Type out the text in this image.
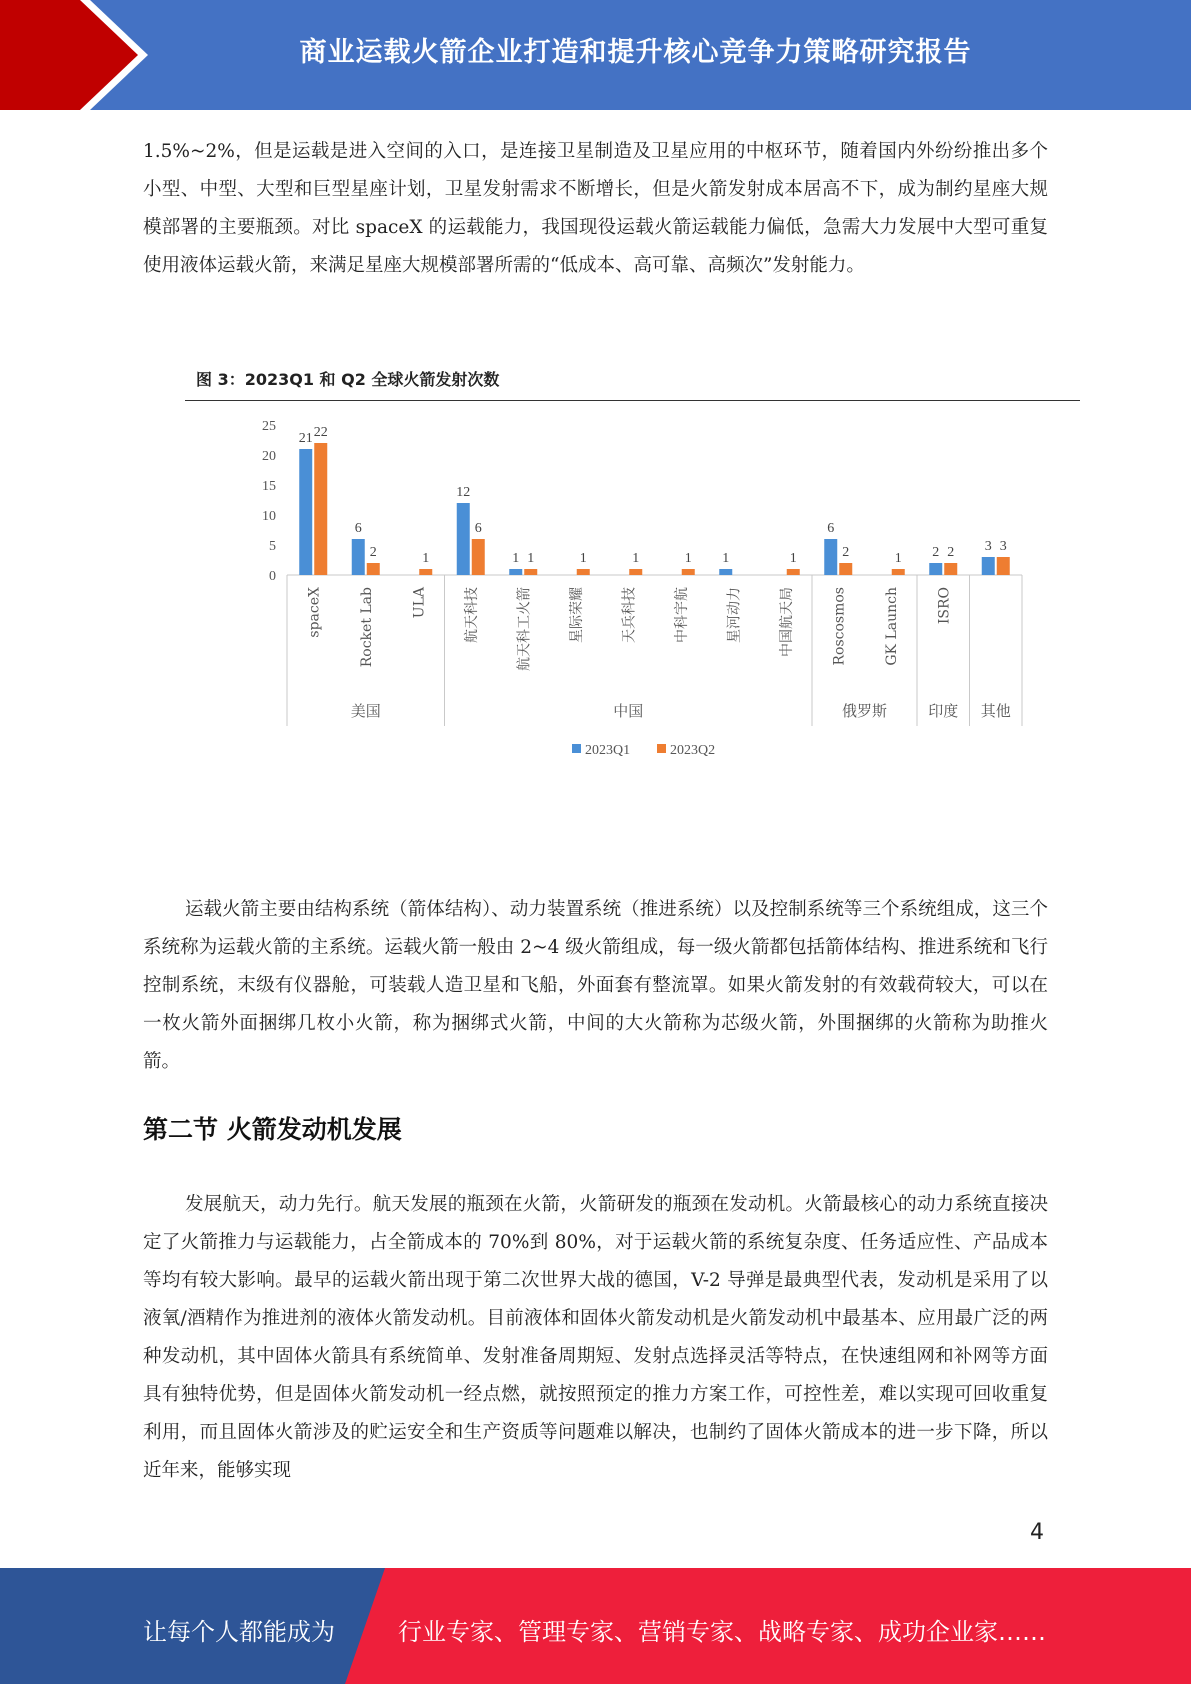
商业运载火箭企业打造和提升核心竞争力策略研究报告

1.5%~2%，但是运载是进入空间的入口，是连接卫星制造及卫星应用的中枢环节，随着国内外纷纷推出多个小型、中型、大型和巨型星座计划，卫星发射需求不断增长，但是火箭发射成本居高不下，成为制约星座大规模部署的主要瓶颈。对比 spaceX 的运载能力，我国现役运载火箭运载能力偏低，急需大力发展中大型可重复使用液体运载火箭，来满足星座大规模部署所需的“低成本、高可靠、高频次”发射能力。

图 3：2023Q1 和 Q2 全球火箭发射次数
0
5
10
15
20
25
21 22
spaceX
6
2
Rocket Lab
1
ULA
12
6
航天科技
1 1
航天科工火箭
1
星际荣耀
1
天兵科技
1
中科宇航
1
星河动力
1
中国航天局
6
2
Roscosmos
1
GK Launch
2 2
ISRO
3 3
美国	中国	俄罗斯	印度 其他
2023Q1	2023Q2

运载火箭主要由结构系统（箭体结构）、动力装置系统（推进系统）以及控制系统等三个系统组成，这三个系统称为运载火箭的主系统。运载火箭一般由 2~4 级火箭组成，每一级火箭都包括箭体结构、推进系统和飞行控制系统，末级有仪器舱，可装载人造卫星和飞船，外面套有整流罩。如果火箭发射的有效载荷较大，可以在一枚火箭外面捆绑几枚小火箭，称为捆绑式火箭，中间的大火箭称为芯级火箭，外围捆绑的火箭称为助推火箭。

第二节 火箭发动机发展

发展航天，动力先行。航天发展的瓶颈在火箭，火箭研发的瓶颈在发动机。火箭最核心的动力系统直接决定了火箭推力与运载能力，占全箭成本的 70%到 80%，对于运载火箭的系统复杂度、任务适应性、产品成本等均有较大影响。最早的运载火箭出现于第二次世界大战的德国，V-2 导弹是最典型代表，发动机是采用了以液氧/酒精作为推进剂的液体火箭发动机。目前液体和固体火箭发动机是火箭发动机中最基本、应用最广泛的两种发动机，其中固体火箭具有系统简单、发射准备周期短、发射点选择灵活等特点，在快速组网和补网等方面具有独特优势，但是固体火箭发动机一经点燃，就按照预定的推力方案工作，可控性差，难以实现可回收重复利用，而且固体火箭涉及的贮运安全和生产资质等问题难以解决，也制约了固体火箭成本的进一步下降，所以近年来，能够实现

4
让每个人都能成为	行业专家、管理专家、营销专家、战略专家、成功企业家……
